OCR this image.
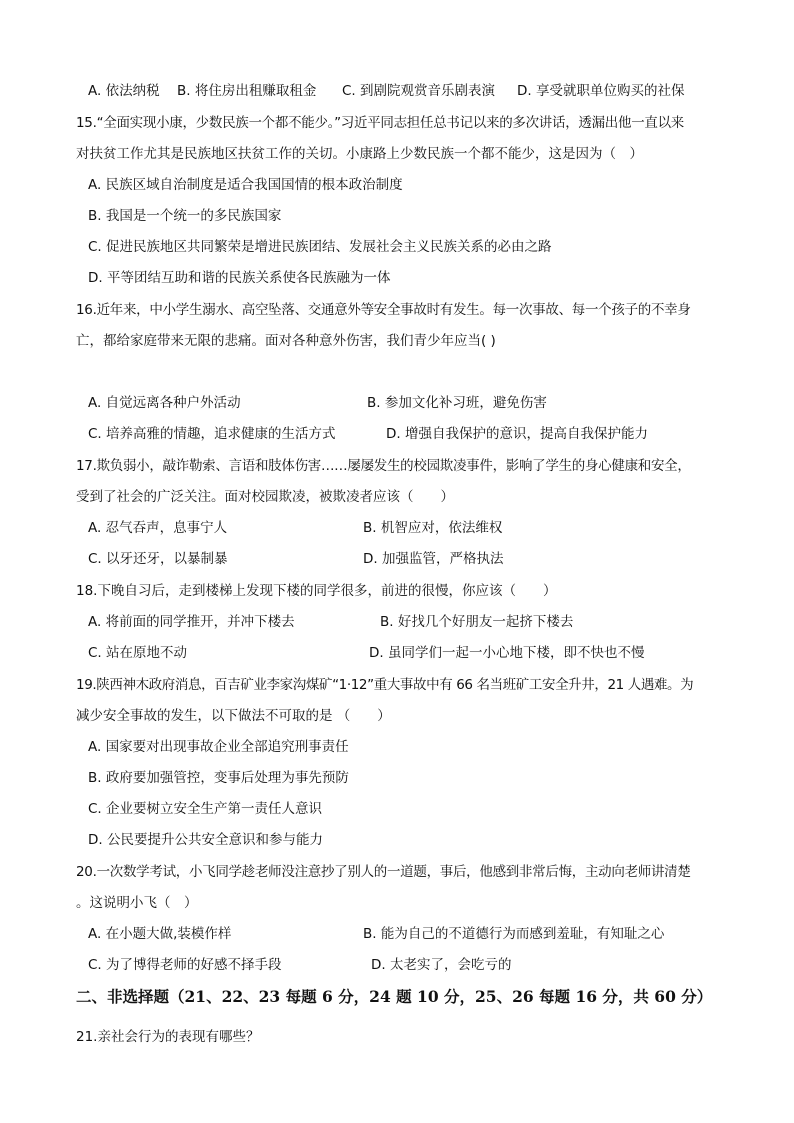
A. 依法纳税 B. 将住房出租赚取租金 C. 到剧院观赏音乐剧表演 D. 享受就职单位购买的社保
15.“全面实现小康，少数民族一个都不能少。”习近平同志担任总书记以来的多次讲话，透漏出他一直以来
对扶贫工作尤其是民族地区扶贫工作的关切。小康路上少数民族一个都不能少，这是因为（　）
A. 民族区域自治制度是适合我国国情的根本政治制度
B. 我国是一个统一的多民族国家
C. 促进民族地区共同繁荣是增进民族团结、发展社会主义民族关系的必由之路
D. 平等团结互助和谐的民族关系使各民族融为一体
16.近年来，中小学生溺水、高空坠落、交通意外等安全事故时有发生。每一次事故、每一个孩子的不幸身
亡，都给家庭带来无限的悲痛。面对各种意外伤害，我们青少年应当( )
A. 自觉远离各种户外活动	B. 参加文化补习班，避免伤害
C. 培养高雅的情趣，追求健康的生活方式	D. 增强自我保护的意识，提高自我保护能力
17.欺负弱小，敲诈勒索、言语和肢体伤害……屡屡发生的校园欺凌事件，影响了学生的身心健康和安全，
受到了社会的广泛关注。面对校园欺凌，被欺凌者应该（　　）
A. 忍气吞声，息事宁人	B. 机智应对，依法维权
C. 以牙还牙，以暴制暴	D. 加强监管，严格执法
18.下晚自习后，走到楼梯上发现下楼的同学很多，前进的很慢，你应该（　　）
A. 将前面的同学推开，并冲下楼去	B. 好找几个好朋友一起挤下楼去
C. 站在原地不动	D. 虽同学们一起一小心地下楼，即不快也不慢
19.陕西神木政府消息，百吉矿业李家沟煤矿“1·12”重大事故中有 66 名当班矿工安全升井，21 人遇难。为
减少安全事故的发生，以下做法不可取的是 （　　）
A. 国家要对出现事故企业全部追究刑事责任
B. 政府要加强管控，变事后处理为事先预防
C. 企业要树立安全生产第一责任人意识
D. 公民要提升公共安全意识和参与能力
20.一次数学考试，小飞同学趁老师没注意抄了别人的一道题，事后，他感到非常后悔，主动向老师讲清楚
。这说明小飞（　）
A. 在小题大做,装模作样	B. 能为自己的不道德行为而感到羞耻，有知耻之心
C. 为了博得老师的好感不择手段	D. 太老实了，会吃亏的
二、非选择题（21、22、23 每题 6 分，24 题 10 分，25、26 每题 16 分，共 60 分）
21.亲社会行为的表现有哪些？
